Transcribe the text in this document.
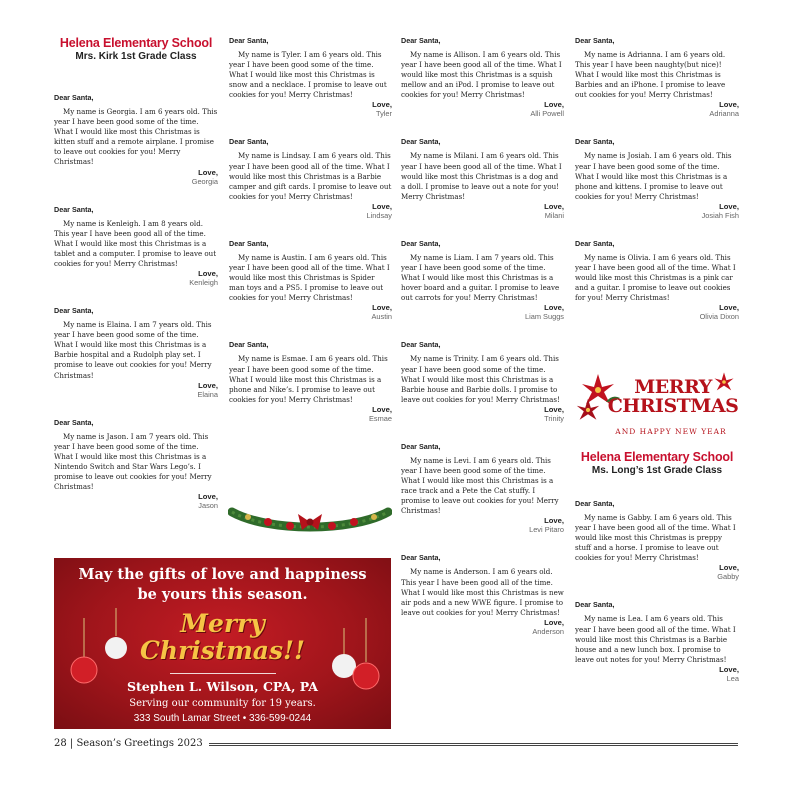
Helena Elementary School
Mrs. Kirk 1st Grade Class
Dear Santa,
My name is Georgia. I am 6 years old. This year I have been good some of the time. What I would like most this Christmas is kitten stuff and a remote airplane. I promise to leave out cookies for you! Merry Christmas!
Love,
Georgia
Dear Santa,
My name is Kenleigh. I am 8 years old. This year I have been good all of the time. What I would like most this Christmas is a tablet and a computer. I promise to leave out cookies for you! Merry Christmas!
Love,
Kenleigh
Dear Santa,
My name is Elaina. I am 7 years old. This year I have been good some of the time. What I would like most this Christmas is a Barbie hospital and a Rudolph play set. I promise to leave out cookies for you! Merry Christmas!
Love,
Elaina
Dear Santa,
My name is Jason. I am 7 years old. This year I have been good some of the time. What I would like most this Christmas is a Nintendo Switch and Star Wars Lego’s. I promise to leave out cookies for you! Merry Christmas!
Love,
Jason
Dear Santa,
My name is Tyler. I am 6 years old. This year I have been good some of the time. What I would like most this Christmas is snow and a necklace. I promise to leave out cookies for you! Merry Christmas!
Love,
Tyler
Dear Santa,
My name is Lindsay. I am 6 years old. This year I have been good all of the time. What I would like most this Christmas is a Barbie camper and gift cards. I promise to leave out cookies for you! Merry Christmas!
Love,
Lindsay
Dear Santa,
My name is Austin. I am 6 years old. This year I have been good all of the time. What I would like most this Christmas is Spider man toys and a PS5. I promise to leave out cookies for you! Merry Christmas!
Love,
Austin
Dear Santa,
My name is Esmae. I am 6 years old. This year I have been good some of the time. What I would like most this Christmas is a phone and Nike’s. I promise to leave out cookies for you! Merry Christmas!
Love,
Esmae
Dear Santa,
My name is Allison. I am 6 years old. This year I have been good all of the time. What I would like most this Christmas is a squish mellow and an iPod. I promise to leave out cookies for you! Merry Christmas!
Love,
Alli Powell
Dear Santa,
My name is Milani. I am 6 years old. This year I have been good all of the time. What I would like most this Christmas is a dog and a doll. I promise to leave out a note for you! Merry Christmas!
Love,
Milani
Dear Santa,
My name is Liam. I am 7 years old. This year I have been good some of the time. What I would like most this Christmas is a hover board and a guitar. I promise to leave out carrots for you! Merry Christmas!
Love,
Liam Suggs
Dear Santa,
My name is Trinity. I am 6 years old. This year I have been good some of the time. What I would like most this Christmas is a Barbie house and Barbie dolls. I promise to leave out cookies for you! Merry Christmas!
Love,
Trinity
Dear Santa,
My name is Levi. I am 6 years old. This year I have been good some of the time. What I would like most this Christmas is a race track and a Pete the Cat stuffy. I promise to leave out cookies for you! Merry Christmas!
Love,
Levi Pitaro
Dear Santa,
My name is Anderson. I am 6 years old. This year I have been good all of the time. What I would like most this Christmas is new air pods and a new WWE figure. I promise to leave out cookies for you! Merry Christmas!
Love,
Anderson
Dear Santa,
My name is Adrianna. I am 6 years old. This year I have been naughty(but nice)! What I would like most this Christmas is Barbies and an iPhone. I promise to leave out cookies for you! Merry Christmas!
Love,
Adrianna
Dear Santa,
My name is Josiah. I am 6 years old. This year I have been good some of the time. What I would like most this Christmas is a phone and kittens. I promise to leave out cookies for you! Merry Christmas!
Love,
Josiah Fish
Dear Santa,
My name is Olivia. I am 6 years old. This year I have been good all of the time. What I would like most this Christmas is a pink car and a guitar. I promise to leave out cookies for you! Merry Christmas!
Love,
Olivia Dixon
MERRY
CHRISTMAS
AND HAPPY NEW YEAR
Helena Elementary School
Ms. Long’s 1st Grade Class
Dear Santa,
My name is Gabby. I am 6 years old. This year I have been good all of the time. What I would like most this Christmas is preppy stuff and a horse. I promise to leave out cookies for you! Merry Christmas!
Love,
Gabby
Dear Santa,
My name is Lea. I am 6 years old. This year I have been good all of the time. What I would like most this Christmas is a Barbie house and a new lunch box. I promise to leave out notes for you! Merry Christmas!
Love,
Lea
May the gifts of love and happiness
be yours this season.
Merry
Christmas!!
Stephen L. Wilson, CPA, PA
Serving our community for 19 years.
333 South Lamar Street • 336-599-0244
28 | Season’s Greetings 2023
